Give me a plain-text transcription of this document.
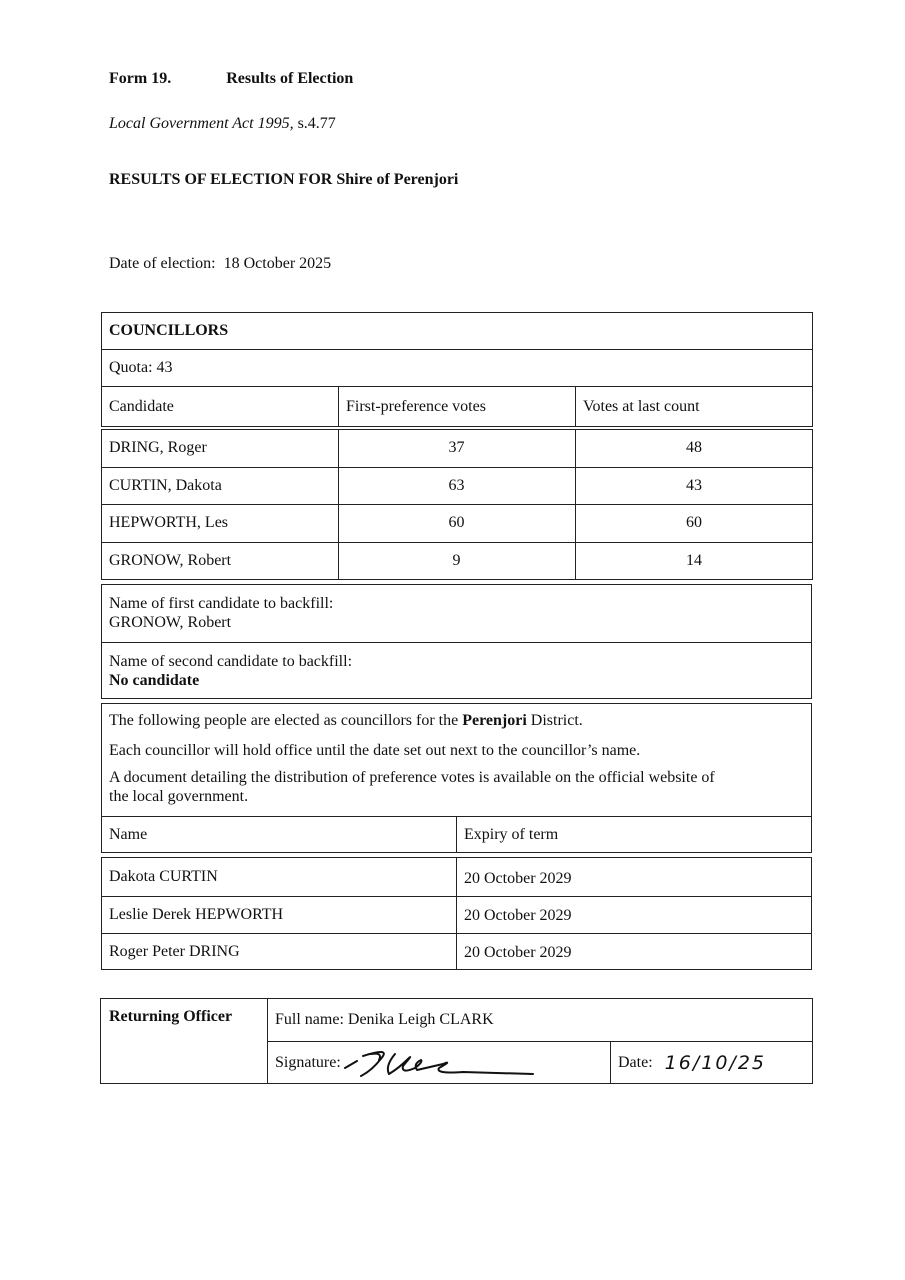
Form 19.	Results of Election
Local Government Act 1995, s.4.77
RESULTS OF ELECTION FOR Shire of Perenjori
Date of election: 18 October 2025
COUNCILLORS
Quota:
43
Candidate	First-preference votes	Votes at last count
DRING, Roger	37	48
CURTIN, Dakota	63	43
HEPWORTH, Les	60	60
GRONOW, Robert	9	14
Name of first candidate to backfill:
GRONOW, Robert
Name of second candidate to backfill:
No candidate
The following people are elected as councillors for the Perenjori District.
Each councillor will hold office until the date set out next to the councillor’s name.
A document detailing the distribution of preference votes is available on the official website of
the local government.
Name	Expiry of term
Dakota CURTIN	20 October 2029
Leslie Derek HEPWORTH	20 October 2029
Roger Peter DRING	20 October 2029
Returning Officer	Full name:
Denika Leigh CLARK
Signature:	Date:
16/10/25
